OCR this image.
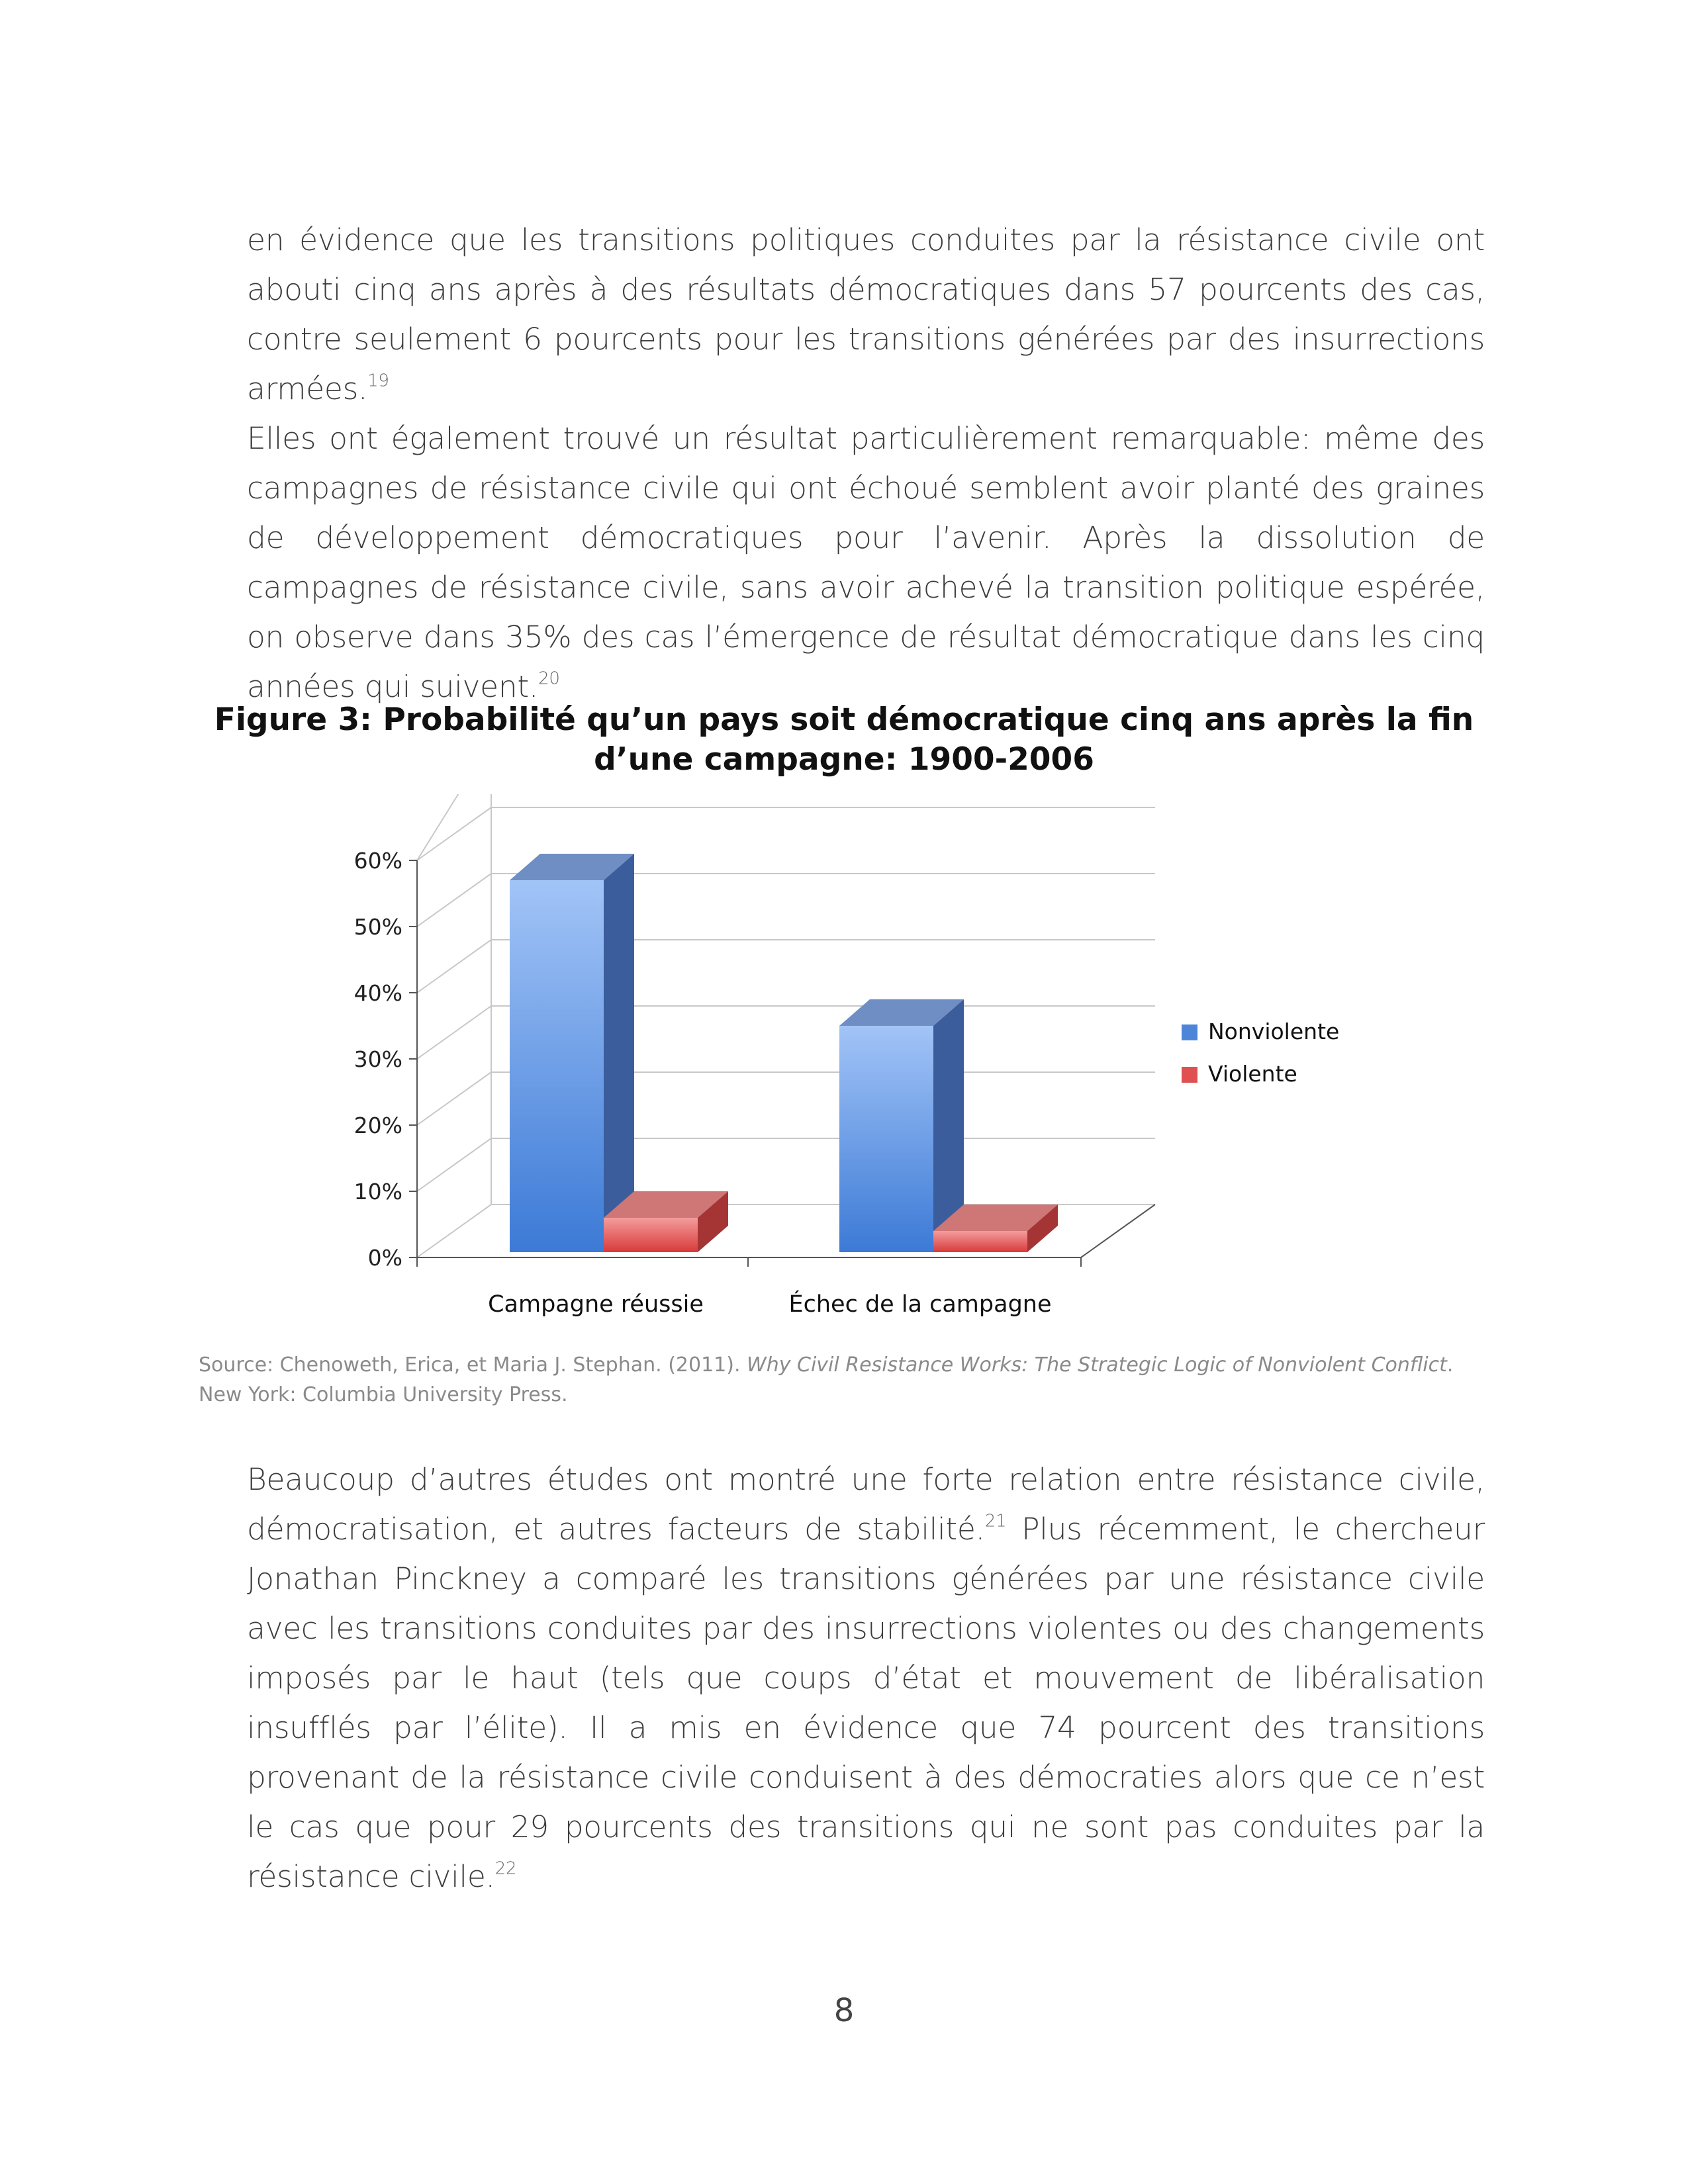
en évidence que les transitions politiques conduites par la résistance civile ont abouti cinq ans après à des résultats démocratiques dans 57 pourcents des cas, contre seulement 6 pourcents pour les transitions générées par des insurrections armées.$^{19}$

Elles ont également trouvé un résultat particulièrement remarquable: même des campagnes de résistance civile qui ont échoué semblent avoir planté des graines de développement démocratiques pour l’avenir. Après la dissolution de campagnes de résistance civile, sans avoir achevé la transition politique espérée, on observe dans 35% des cas l’émergence de résultat démocratique dans les cinq années qui suivent.$^{20}$

Figure 3: Probabilité qu’un pays soit démocratique cinq ans après la fin d’une campagne: 1900-2006

0%
10%
20%
30%
40%
50%
60%
Campagne réussie	Échec de la campagne
Nonviolente
Violente

Source: Chenoweth, Erica, et Maria J. Stephan. (2011). Why Civil Resistance Works: The Strategic Logic of Nonviolent Conflict.
New York: Columbia University Press.

Beaucoup d’autres études ont montré une forte relation entre résistance civile, démocratisation, et autres facteurs de stabilité.$^{21}$ Plus récemment, le chercheur Jonathan Pinckney a comparé les transitions générées par une résistance civile avec les transitions conduites par des insurrections violentes ou des changements imposés par le haut (tels que coups d’état et mouvement de libéralisation insufflés par l’élite). Il a mis en évidence que 74 pourcent des transitions provenant de la résistance civile conduisent à des démocraties alors que ce n’est le cas que pour 29 pourcents des transitions qui ne sont pas conduites par la résistance civile.$^{22}$

8
